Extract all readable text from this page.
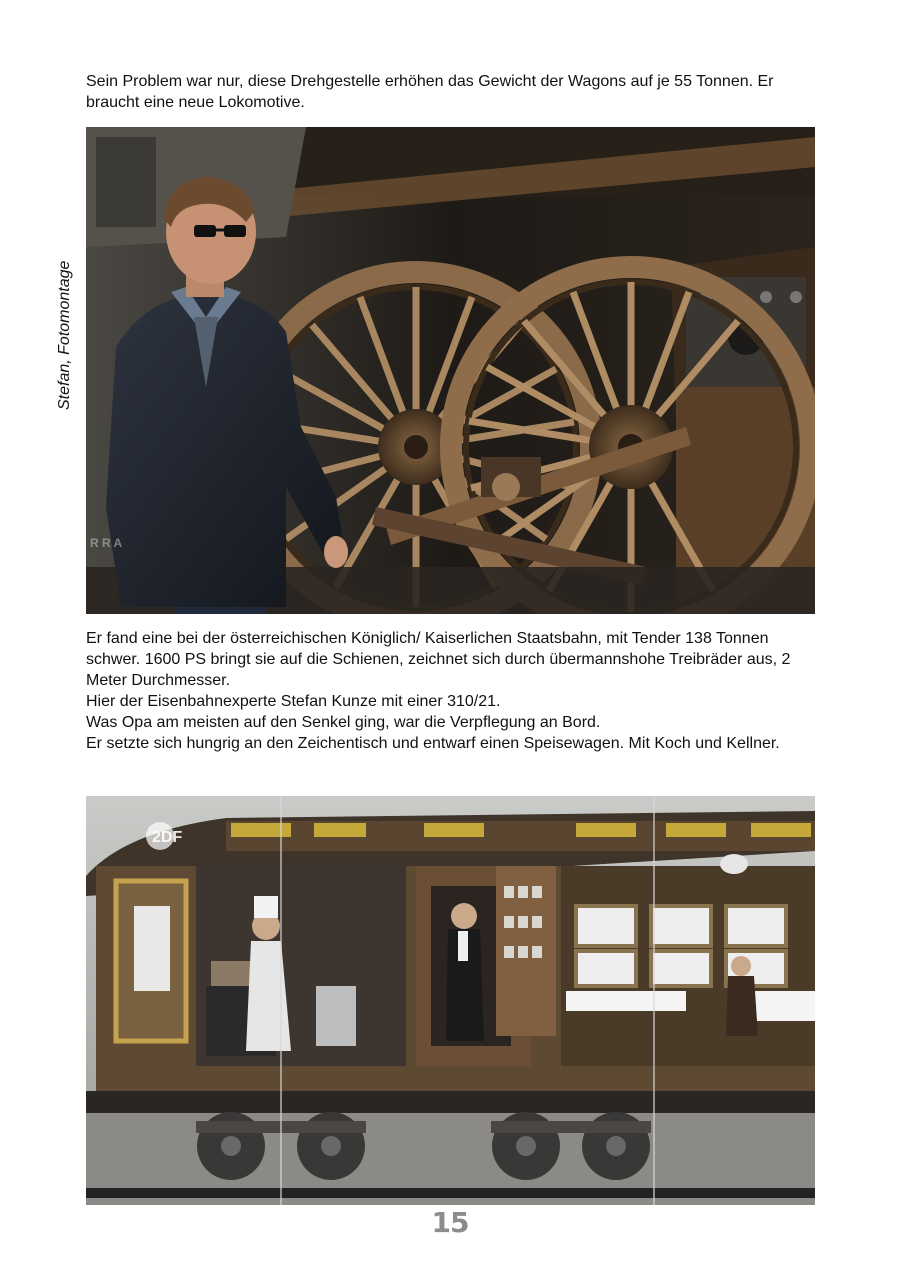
Sein Problem war nur, diese Drehgestelle erhöhen das Gewicht der Wagons auf je 55 Tonnen. Er braucht eine neue Lokomotive.

Stefan, Fotomontage
R R A

Er fand eine bei der österreichischen Königlich/ Kaiserlichen Staatsbahn, mit Tender 138 Tonnen schwer. 1600 PS bringt sie auf die Schienen, zeichnet sich durch übermannshohe Treibräder aus, 2 Meter Durchmesser.

Hier der Eisenbahnexperte Stefan Kunze mit einer 310/21.

Was Opa am meisten auf den Senkel ging, war die Verpflegung an Bord.

Er setzte sich hungrig an den Zeichentisch und entwarf einen Speisewagen. Mit Koch und Kellner.

2DF
15
